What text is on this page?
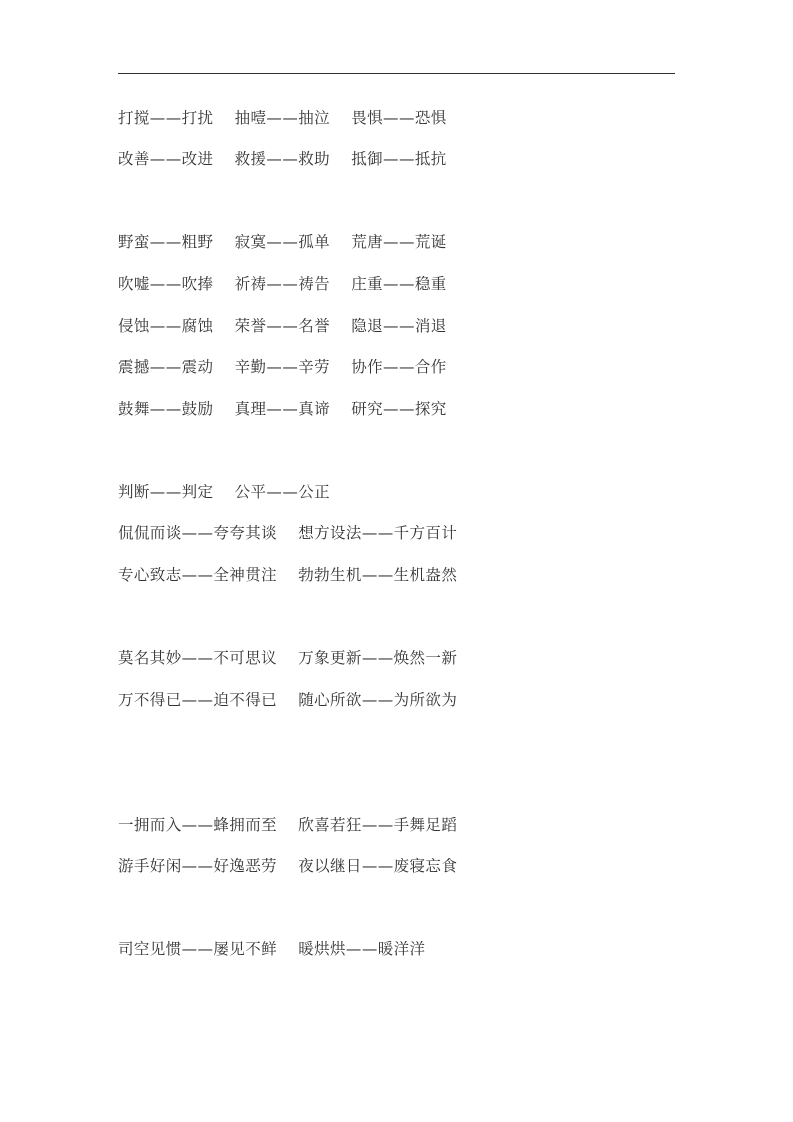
打搅——打扰　 抽噎——抽泣　 畏惧——恐惧
改善——改进　 救援——救助　 抵御——抵抗
野蛮——粗野　 寂寞——孤单　 荒唐——荒诞
吹嘘——吹捧　 祈祷——祷告　 庄重——稳重
侵蚀——腐蚀　 荣誉——名誉　 隐退——消退
震撼——震动　 辛勤——辛劳　 协作——合作
鼓舞——鼓励　 真理——真谛　 研究——探究
判断——判定　 公平——公正
侃侃而谈——夸夸其谈　 想方设法——千方百计
专心致志——全神贯注　 勃勃生机——生机盎然
莫名其妙——不可思议　 万象更新——焕然一新
万不得已——迫不得已　 随心所欲——为所欲为
一拥而入——蜂拥而至　 欣喜若狂——手舞足蹈
游手好闲——好逸恶劳　 夜以继日——废寝忘食
司空见惯——屡见不鲜　 暖烘烘——暖洋洋
